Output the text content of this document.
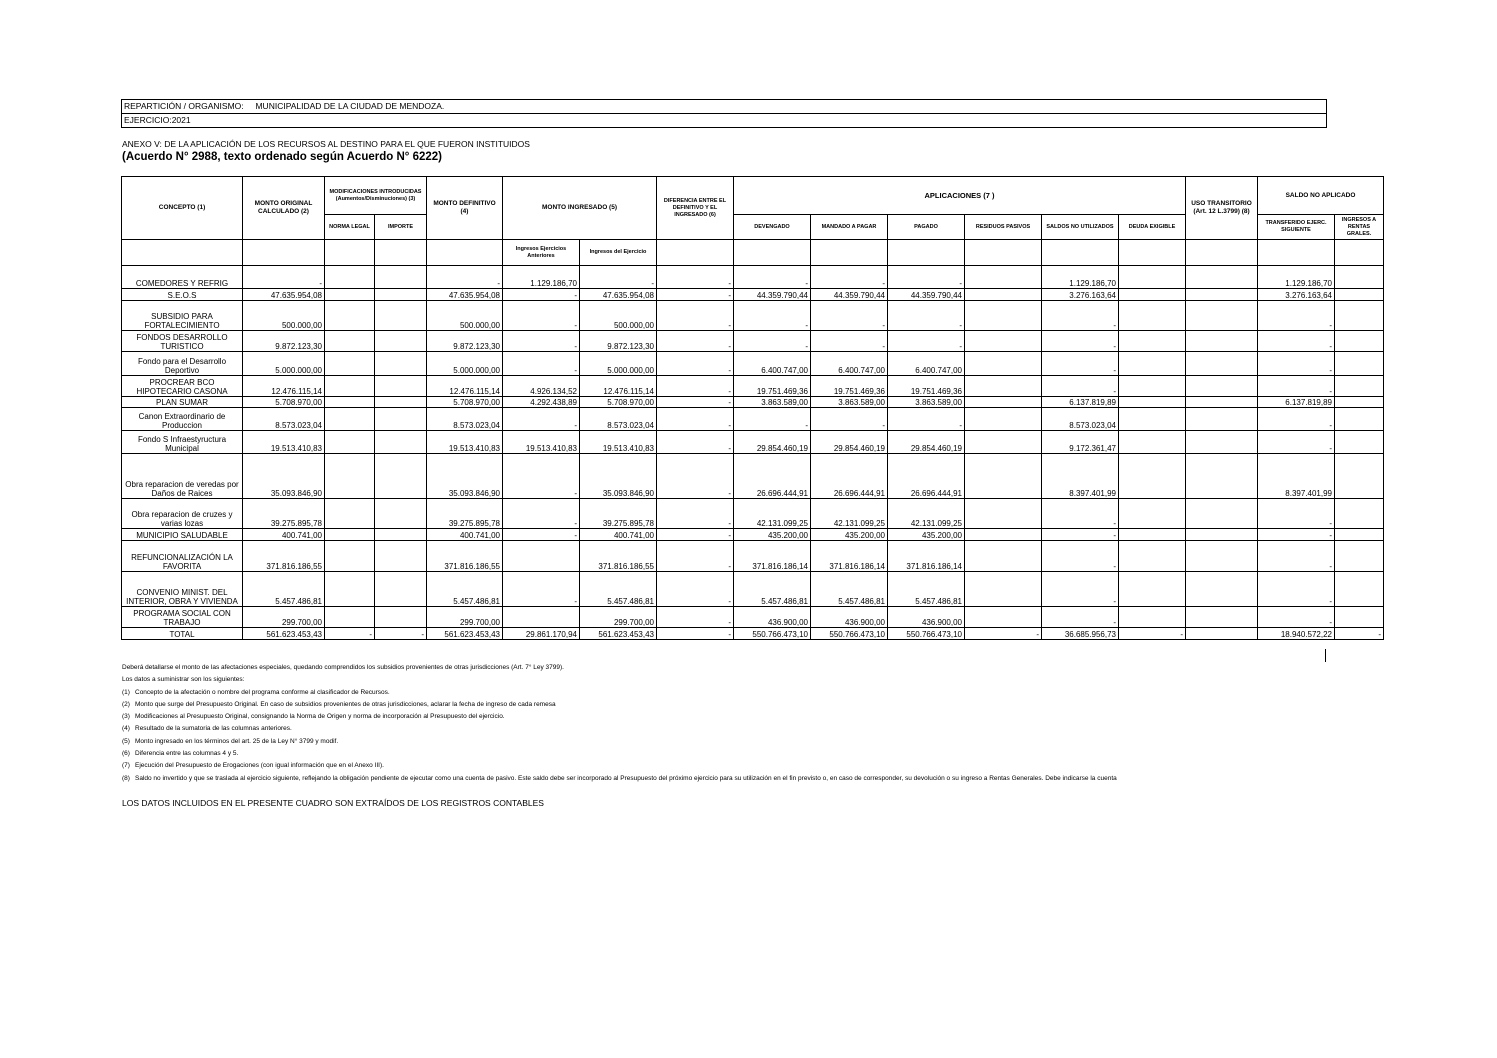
REPARTICIÓN / ORGANISMO: MUNICIPALIDAD DE LA CIUDAD DE MENDOZA.
EJERCICIO:2021
ANEXO V: DE LA APLICACIÓN DE LOS RECURSOS AL DESTINO PARA EL QUE FUERON INSTITUIDOS
(Acuerdo N° 2988, texto ordenado según Acuerdo N° 6222)
CONCEPTO (1)	MONTO ORIGINAL CALCULADO (2)	MODIFICACIONES INTRODUCIDAS (Aumentos/Disminuciones) (3)		MONTO DEFINITIVO (4)	MONTO INGRESADO (5)		DIFERENCIA ENTRE EL DEFINITIVO Y EL INGRESADO (6)	APLICACIONES (7 )						USO TRANSITORIO (Art. 12 L.3799) (8)	SALDO NO APLICADO	
		NORMA LEGAL	IMPORTE					DEVENGADO	MANDADO A PAGAR	PAGADO	RESIDUOS PASIVOS	SALDOS NO UTILIZADOS	DEUDA EXIGIBLE		TRANSFERIDO EJERC. SIGUIENTE	INGRESOS A RENTAS GRALES.
					Ingresos Ejercicios Anteriores	Ingresos del Ejercicio										
COMEDORES Y REFRIG	-			-	1.129.186,70	-	-	-	-	-		1.129.186,70			1.129.186,70	
S.E.O.S	47.635.954,08			47.635.954,08	-	47.635.954,08	-	44.359.790,44	44.359.790,44	44.359.790,44		3.276.163,64			3.276.163,64	
SUBSIDIO PARA FORTALECIMIENTO	500.000,00			500.000,00	-	500.000,00	-	-	-	-		-			-	
FONDOS DESARROLLO TURISTICO	9.872.123,30			9.872.123,30	-	9.872.123,30	-	-	-	-		-			-	
Fondo para el Desarrollo Deportivo	5.000.000,00			5.000.000,00	-	5.000.000,00	-	6.400.747,00	6.400.747,00	6.400.747,00		-			-	
PROCREAR BCO HIPOTECARIO CASONA	12.476.115,14			12.476.115,14	4.926.134,52	12.476.115,14	-	19.751.469,36	19.751.469,36	19.751.469,36		-			-	
PLAN SUMAR	5.708.970,00			5.708.970,00	4.292.438,89	5.708.970,00	-	3.863.589,00	3.863.589,00	3.863.589,00		6.137.819,89			6.137.819,89	
Canon Extraordinario de Produccion	8.573.023,04			8.573.023,04	-	8.573.023,04	-	-	-	-		8.573.023,04			-	
Fondo S Infraestyructura Municipal	19.513.410,83			19.513.410,83	19.513.410,83	19.513.410,83	-	29.854.460,19	29.854.460,19	29.854.460,19		9.172.361,47			-	
Obra reparacion de veredas por Daños de Raices	35.093.846,90			35.093.846,90	-	35.093.846,90	-	26.696.444,91	26.696.444,91	26.696.444,91		8.397.401,99			8.397.401,99	
Obra reparacion de cruzes y varias lozas	39.275.895,78			39.275.895,78	-	39.275.895,78	-	42.131.099,25	42.131.099,25	42.131.099,25		-			-	
MUNICIPIO SALUDABLE	400.741,00			400.741,00	-	400.741,00	-	435.200,00	435.200,00	435.200,00		-			-	
REFUNCIONALIZACIÓN LA FAVORITA	371.816.186,55			371.816.186,55		371.816.186,55	-	371.816.186,14	371.816.186,14	371.816.186,14		-			-	
CONVENIO MINIST. DEL INTERIOR, OBRA Y VIVIENDA	5.457.486,81			5.457.486,81	-	5.457.486,81	-	5.457.486,81	5.457.486,81	5.457.486,81		-			-	
PROGRAMA SOCIAL CON TRABAJO	299.700,00			299.700,00		299.700,00	-	436.900,00	436.900,00	436.900,00		-			-	
TOTAL	561.623.453,43	-	-	561.623.453,43	29.861.170,94	561.623.453,43	-	550.766.473,10	550.766.473,10	550.766.473,10	-	36.685.956,73	-		18.940.572,22	-
Deberá detallarse el monto de las afectaciones especiales, quedando comprendidos los subsidios provenientes de otras jurisdicciones (Art. 7° Ley 3799).
Los datos a suministrar son los siguientes:
(1) Concepto de la afectación o nombre del programa conforme al clasificador de Recursos.
(2) Monto que surge del Presupuesto Original. En caso de subsidios provenientes de otras jurisdicciones, aclarar la fecha de ingreso de cada remesa
(3) Modificaciones al Presupuesto Original, consignando la Norma de Origen y norma de incorporación al Presupuesto del ejercicio.
(4) Resultado de la sumatoria de las columnas anteriores.
(5) Monto ingresado en los términos del art. 25 de la Ley N° 3799 y modif.
(6) Diferencia entre las columnas 4 y 5.
(7) Ejecución del Presupuesto de Erogaciones (con igual información que en el Anexo III).
(8) Saldo no invertido y que se traslada al ejercicio siguiente, reflejando la obligación pendiente de ejecutar como una cuenta de pasivo. Este saldo debe ser incorporado al Presupuesto del próximo ejercicio para su utilización en el fin previsto o, en caso de corresponder, su devolución o su ingreso a Rentas Generales. Debe indicarse la cuenta
LOS DATOS INCLUIDOS EN EL PRESENTE CUADRO SON EXTRAÍDOS DE LOS REGISTROS CONTABLES
